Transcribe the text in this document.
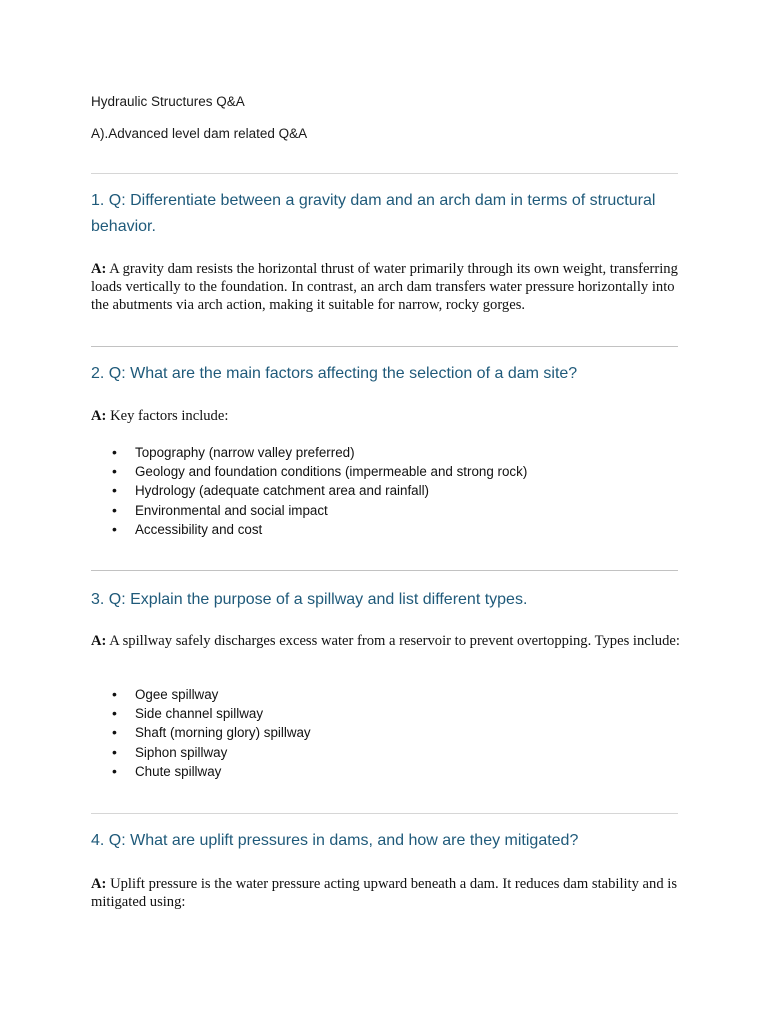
Hydraulic Structures Q&A
A).Advanced level dam related Q&A
1. Q: Differentiate between a gravity dam and an arch dam in terms of structural behavior.
A: A gravity dam resists the horizontal thrust of water primarily through its own weight, transferring loads vertically to the foundation. In contrast, an arch dam transfers water pressure horizontally into the abutments via arch action, making it suitable for narrow, rocky gorges.
2. Q: What are the main factors affecting the selection of a dam site?
A: Key factors include:
• Topography (narrow valley preferred)
• Geology and foundation conditions (impermeable and strong rock)
• Hydrology (adequate catchment area and rainfall)
• Environmental and social impact
• Accessibility and cost
3. Q: Explain the purpose of a spillway and list different types.
A: A spillway safely discharges excess water from a reservoir to prevent overtopping. Types include:
• Ogee spillway
• Side channel spillway
• Shaft (morning glory) spillway
• Siphon spillway
• Chute spillway
4. Q: What are uplift pressures in dams, and how are they mitigated?
A: Uplift pressure is the water pressure acting upward beneath a dam. It reduces dam stability and is mitigated using:
